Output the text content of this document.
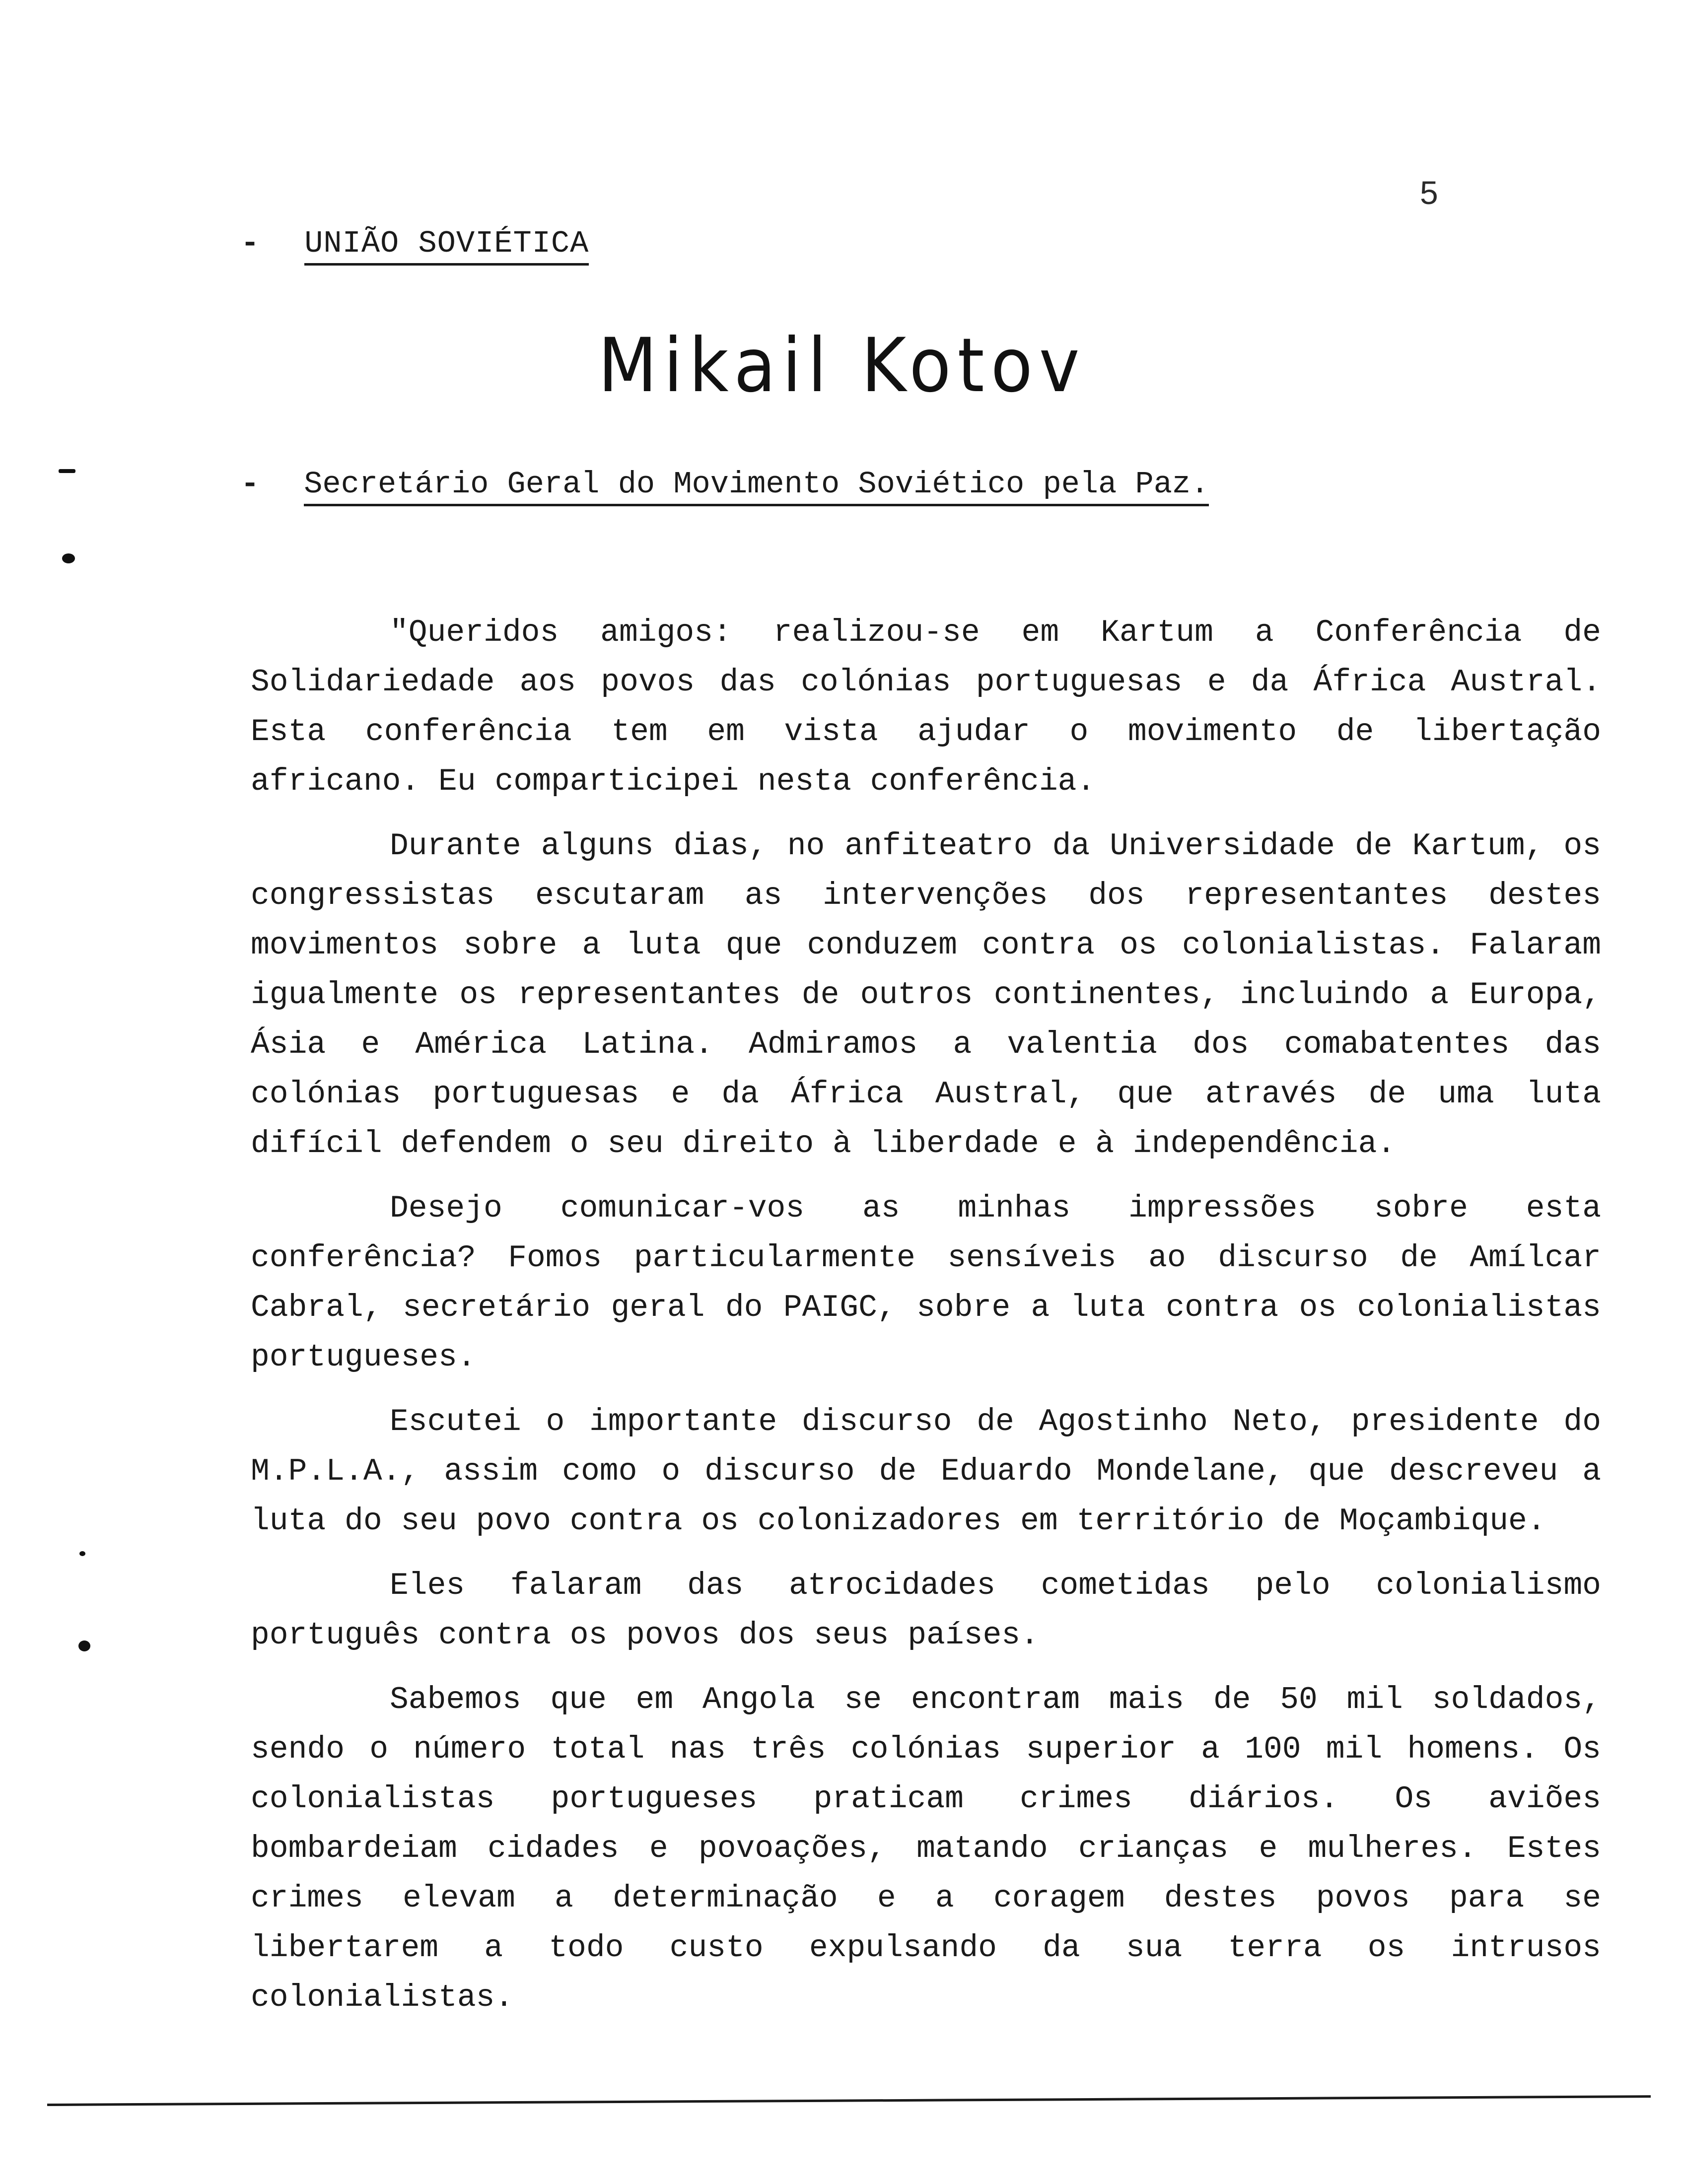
5
- UNIÃO SOVIÉTICA
Mikail Kotov
- Secretário Geral do Movimento Soviético pela Paz.

"Queridos amigos: realizou-se em Kartum a Conferência de Solidariedade aos povos das colónias portuguesas e da África Austral. Esta conferência tem em vista ajudar o movimento de libertação africano. Eu comparticipei nesta conferência.

Durante alguns dias, no anfiteatro da Universidade de Kartum, os congressistas escutaram as intervenções dos representantes destes movimentos sobre a luta que conduzem contra os colonialistas. Falaram igualmente os representantes de outros continentes, incluindo a Europa, Ásia e América Latina. Admiramos a valentia dos comabatentes das colónias portuguesas e da África Austral, que através de uma luta difícil defendem o seu direito à liberdade e à independência.

Desejo comunicar-vos as minhas impressões sobre esta conferência? Fomos particularmente sensíveis ao discurso de Amílcar Cabral, secretário geral do PAIGC, sobre a luta contra os colonialistas portugueses.

Escutei o importante discurso de Agostinho Neto, presidente do M.P.L.A., assim como o discurso de Eduardo Mondelane, que descreveu a luta do seu povo contra os colonizadores em território de Moçambique.

Eles falaram das atrocidades cometidas pelo colonialismo português contra os povos dos seus países.

Sabemos que em Angola se encontram mais de 50 mil soldados, sendo o número total nas três colónias superior a 100 mil homens. Os colonialistas portugueses praticam crimes diários. Os aviões bombardeiam cidades e povoações, matando crianças e mulheres. Estes crimes elevam a determinação e a coragem destes povos para se libertarem a todo custo expulsando da sua terra os intrusos colonialistas.
